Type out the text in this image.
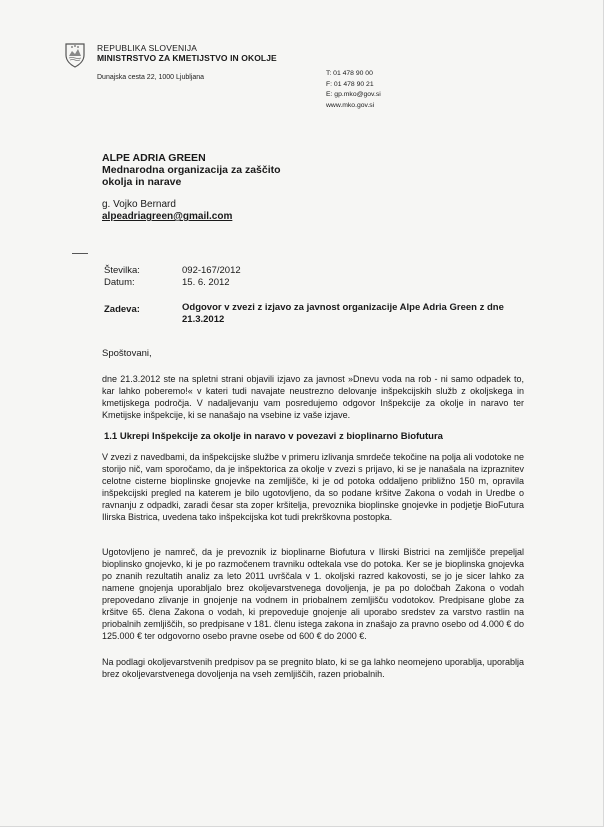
REPUBLIKA SLOVENIJA
MINISTRSTVO ZA KMETIJSTVO IN OKOLJE
Dunajska cesta 22, 1000 Ljubljana
T: 01 478 90 00
F: 01 478 90 21
E: gp.mko@gov.si
www.mko.gov.si
ALPE ADRIA GREEN
Mednarodna organizacija za zaščito
okolja in narave
g. Vojko Bernard
alpeadriagreen@gmail.com
Številka:
Datum:
092-167/2012
15. 6. 2012
Zadeva:	Odgovor v zvezi z izjavo za javnost organizacije Alpe Adria Green z dne 21.3.2012
Spoštovani,
dne 21.3.2012 ste na spletni strani objavili izjavo za javnost »Dnevu voda na rob - ni samo odpadek to, kar lahko poberemo!« v kateri tudi navajate neustrezno delovanje inšpekcijskih služb z okoljskega in kmetijskega področja. V nadaljevanju vam posredujemo odgovor Inšpekcije za okolje in naravo ter Kmetijske inšpekcije, ki se nanašajo na vsebine iz vaše izjave.
1.1 Ukrepi Inšpekcije za okolje in naravo v povezavi z bioplinarno Biofutura
V zvezi z navedbami, da inšpekcijske službe v primeru izlivanja smrdeče tekočine na polja ali vodotoke ne storijo nič, vam sporočamo, da je inšpektorica za okolje v zvezi s prijavo, ki se je nanašala na izpraznitev celotne cisterne bioplinske gnojevke na zemljišče, ki je od potoka oddaljeno približno 150 m, opravila inšpekcijski pregled na katerem je bilo ugotovljeno, da so podane kršitve Zakona o vodah in Uredbe o ravnanju z odpadki, zaradi česar sta zoper kršitelja, prevoznika bioplinske gnojevke in podjetje BioFutura Ilirska Bistrica, uvedena tako inšpekcijska kot tudi prekrškovna postopka.
Ugotovljeno je namreč, da je prevoznik iz bioplinarne Biofutura v Ilirski Bistrici na zemljišče prepeljal bioplinsko gnojevko, ki je po razmočenem travniku odtekala vse do potoka. Ker se je bioplinska gnojevka po znanih rezultatih analiz za leto 2011 uvrščala v 1. okoljski razred kakovosti, se jo je sicer lahko za namene gnojenja uporabljalo brez okoljevarstvenega dovoljenja, je pa po določbah Zakona o vodah prepovedano zlivanje in gnojenje na vodnem in priobalnem zemljišču vodotokov. Predpisane globe za kršitve 65. člena Zakona o vodah, ki prepoveduje gnojenje ali uporabo sredstev za varstvo rastlin na priobalnih zemljiščih, so predpisane v 181. členu istega zakona in znašajo za pravno osebo od 4.000 € do 125.000 € ter odgovorno osebo pravne osebe od 600 € do 2000 €.
Na podlagi okoljevarstvenih predpisov pa se pregnito blato, ki se ga lahko neomejeno uporablja, uporablja brez okoljevarstvenega dovoljenja na vseh zemljiščih, razen priobalnih.
